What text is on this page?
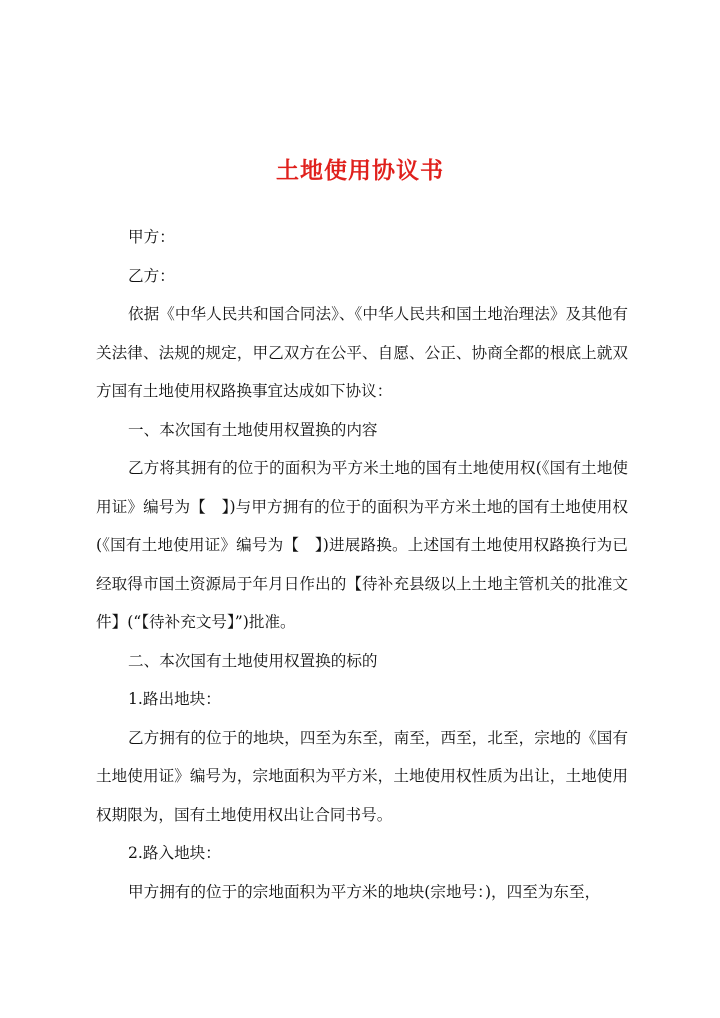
土地使用协议书

甲方：

乙方：

依据《中华人民共和国合同法》、《中华人民共和国土地治理法》及其他有关法律、法规的规定，甲乙双方在公平、自愿、公正、协商全都的根底上就双方国有土地使用权路换事宜达成如下协议：

一、本次国有土地使用权置换的内容

乙方将其拥有的位于的面积为平方米土地的国有土地使用权(《国有土地使用证》编号为【　】)与甲方拥有的位于的面积为平方米土地的国有土地使用权(《国有土地使用证》编号为【　】)进展路换。上述国有土地使用权路换行为已经取得市国土资源局于年月日作出的【待补充县级以上土地主管机关的批准文件】(“【待补充文号】”)批准。

二、本次国有土地使用权置换的标的

1.路出地块：

乙方拥有的位于的地块，四至为东至，南至，西至，北至，宗地的《国有土地使用证》编号为，宗地面积为平方米，土地使用权性质为出让，土地使用权期限为，国有土地使用权出让合同书号。

2.路入地块：

甲方拥有的位于的宗地面积为平方米的地块(宗地号：)，四至为东至，
